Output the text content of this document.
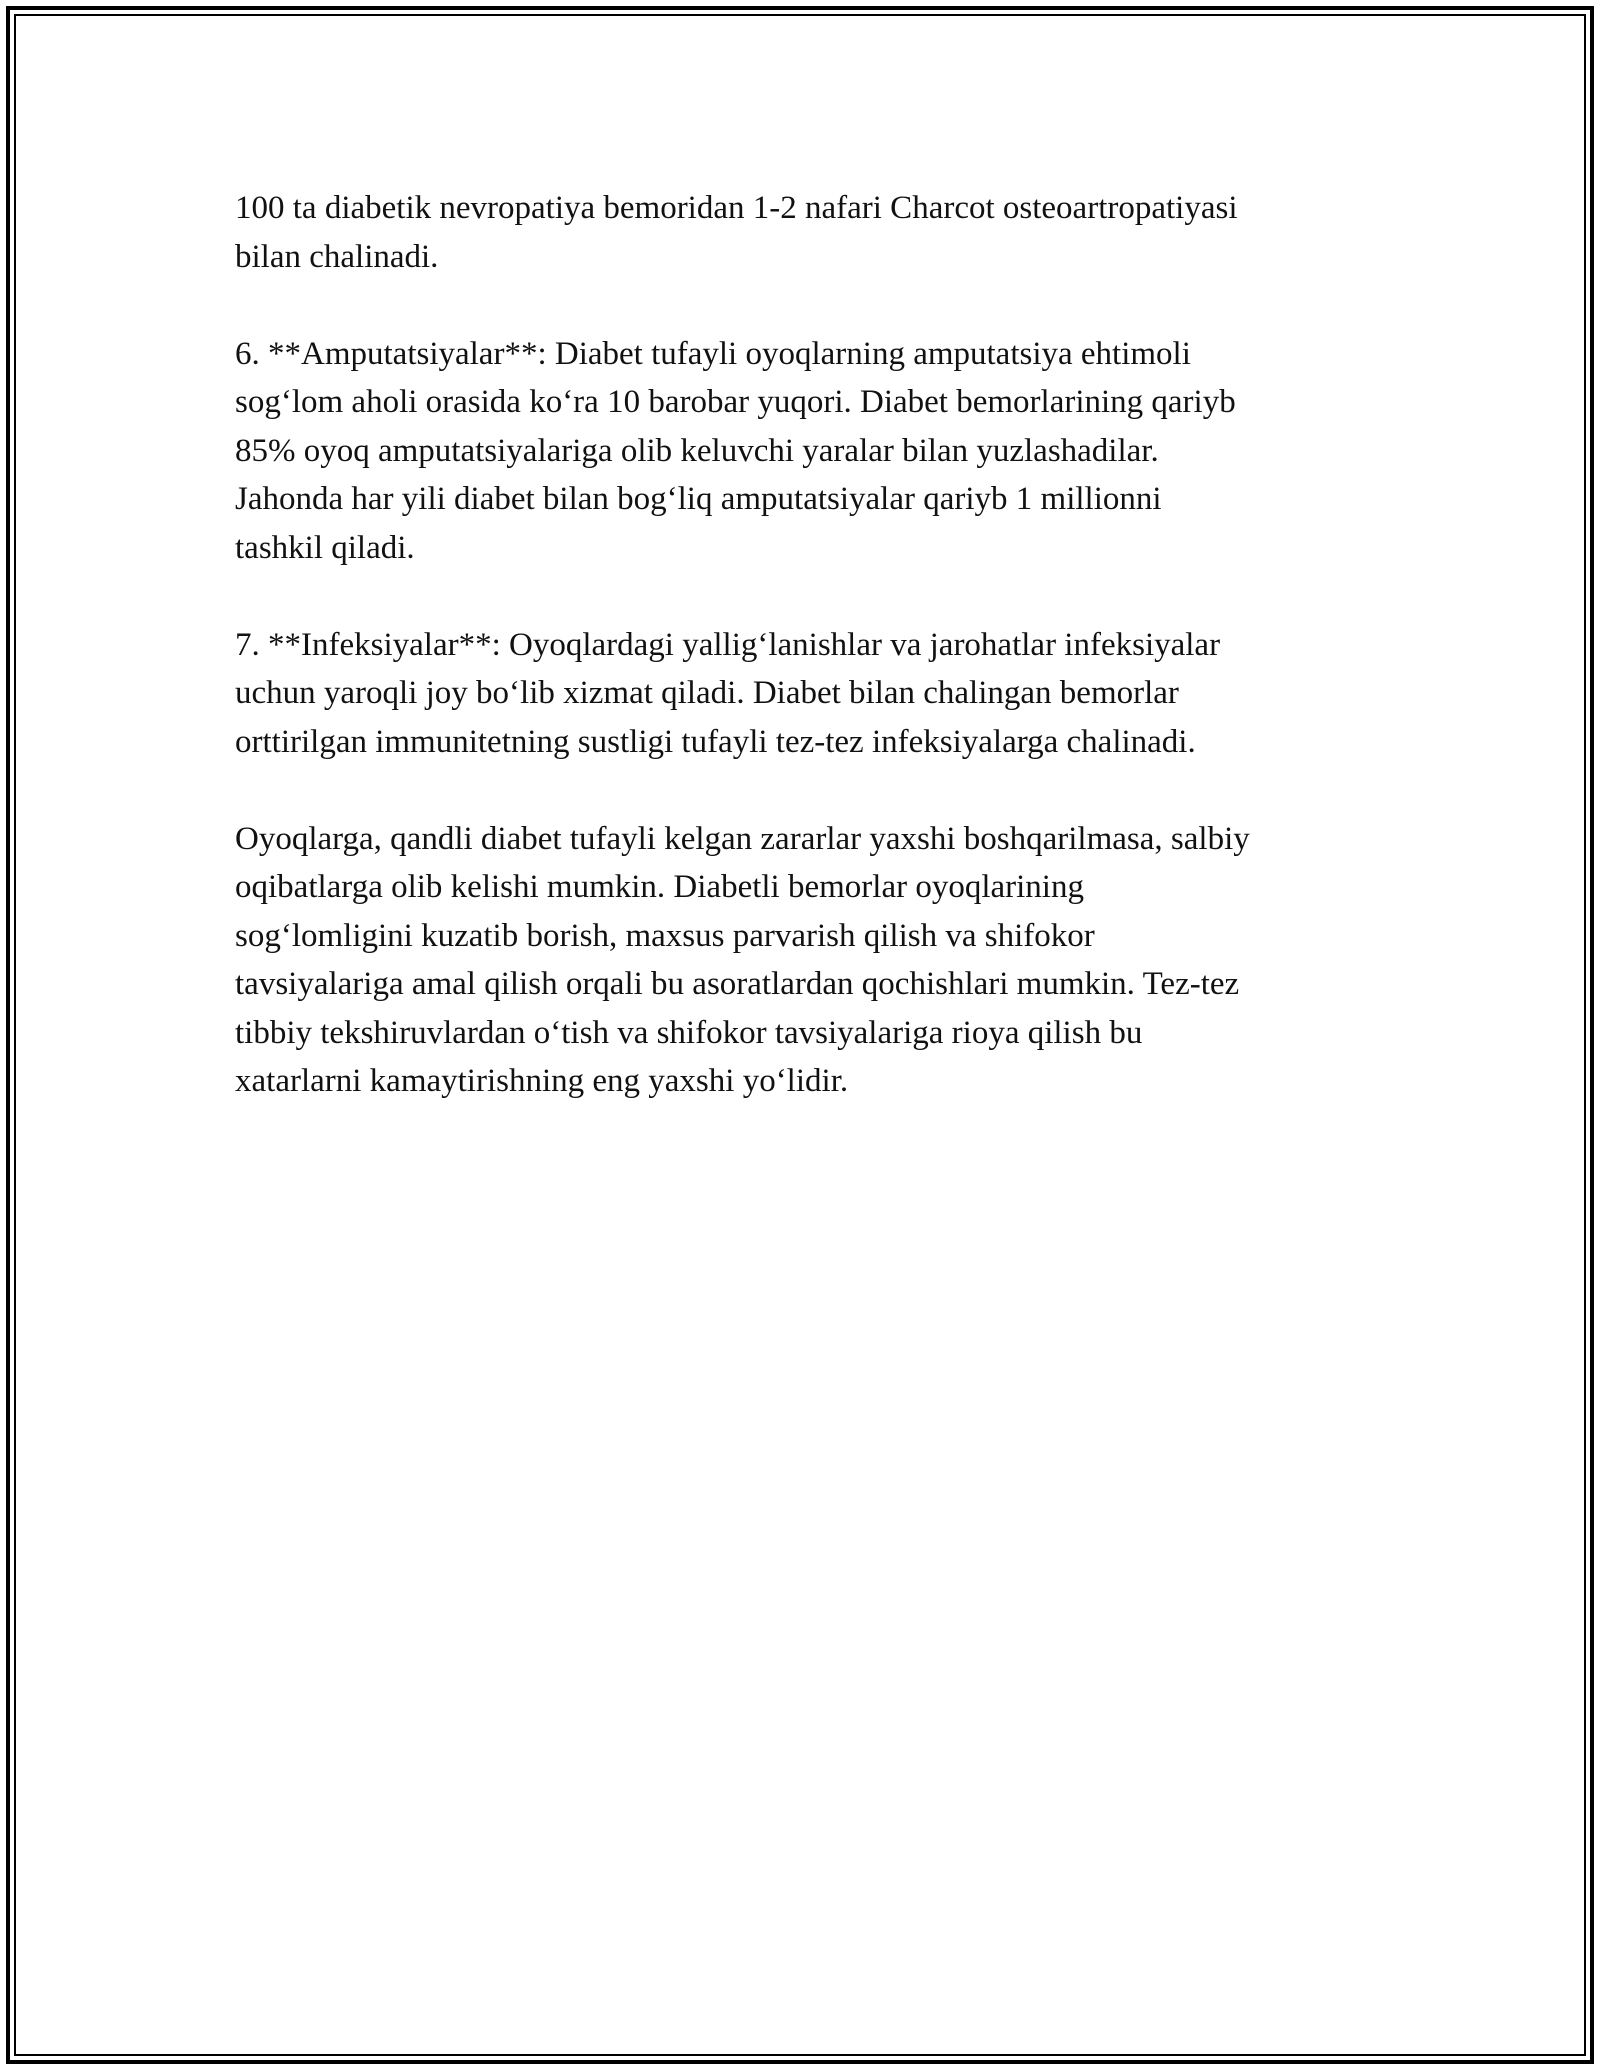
100 ta diabetik nevropatiya bemoridan 1-2 nafari Charcot osteoartropatiyasi
bilan chalinadi.

6. **Amputatsiyalar**: Diabet tufayli oyoqlarning amputatsiya ehtimoli
sog‘lom aholi orasida ko‘ra 10 barobar yuqori. Diabet bemorlarining qariyb
85% oyoq amputatsiyalariga olib keluvchi yaralar bilan yuzlashadilar.
Jahonda har yili diabet bilan bog‘liq amputatsiyalar qariyb 1 millionni
tashkil qiladi.

7. **Infeksiyalar**: Oyoqlardagi yallig‘lanishlar va jarohatlar infeksiyalar
uchun yaroqli joy bo‘lib xizmat qiladi. Diabet bilan chalingan bemorlar
orttirilgan immunitetning sustligi tufayli tez-tez infeksiyalarga chalinadi.

Oyoqlarga, qandli diabet tufayli kelgan zararlar yaxshi boshqarilmasa, salbiy
oqibatlarga olib kelishi mumkin. Diabetli bemorlar oyoqlarining
sog‘lomligini kuzatib borish, maxsus parvarish qilish va shifokor
tavsiyalariga amal qilish orqali bu asoratlardan qochishlari mumkin. Tez-tez
tibbiy tekshiruvlardan o‘tish va shifokor tavsiyalariga rioya qilish bu
xatarlarni kamaytirishning eng yaxshi yo‘lidir.
